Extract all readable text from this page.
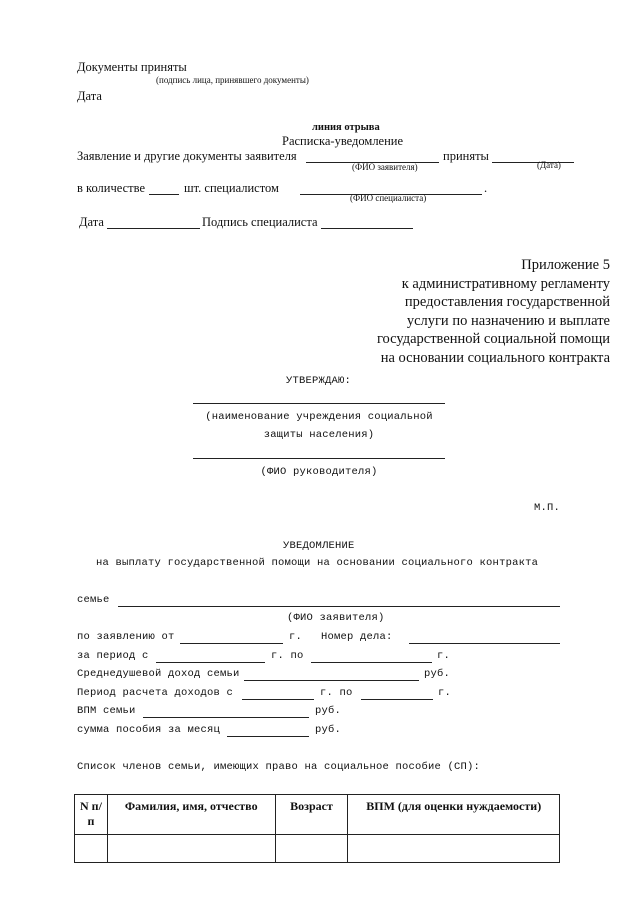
Документы приняты
(подпись лица, принявшего документы)
Дата
линия отрыва
Расписка-уведомление
Заявление и другие документы заявителя	приняты
(ФИО заявителя)	(Дата)
в количестве	шт. специалистом	.
(ФИО специалиста)
Дата	Подпись специалиста
Приложение 5
к административному регламенту
предоставления государственной
услуги по назначению и выплате
государственной социальной помощи
на основании социального контракта
УТВЕРЖДАЮ:
(наименование учреждения социальной
защиты населения)
(ФИО руководителя)
М.П.
УВЕДОМЛЕНИЕ
на выплату государственной помощи на основании социального контракта
семье
(ФИО заявителя)
по заявлению от	г. Номер дела:
за период с	г. по	г.
Среднедушевой доход семьи	руб.
Период расчета доходов с	г. по	г.
ВПМ семьи	руб.
сумма пособия за месяц	руб.
Список членов семьи, имеющих право на социальное пособие (СП):
N п/п	Фамилия, имя, отчество	Возраст	ВПМ (для оценки нуждаемости)
